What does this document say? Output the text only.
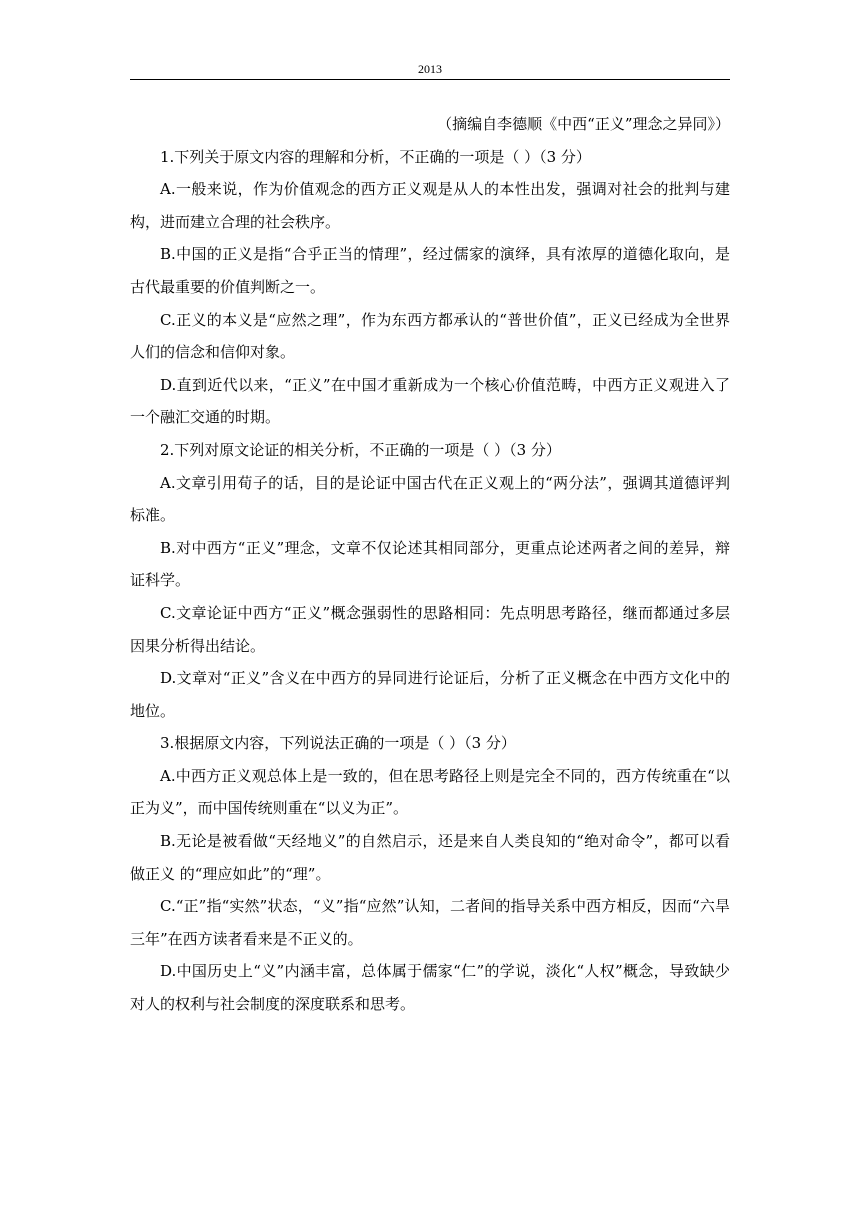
2013

（摘编自李德顺《中西“正义”理念之异同》）

1.下列关于原文内容的理解和分析，不正确的一项是（ ）（3 分）

A.一般来说，作为价值观念的西方正义观是从人的本性出发，强调对社会的批判与建构，进而建立合理的社会秩序。

B.中国的正义是指“合乎正当的情理”，经过儒家的演绎，具有浓厚的道德化取向，是古代最重要的价值判断之一。

C.正义的本义是“应然之理”，作为东西方都承认的“普世价值”，正义已经成为全世界人们的信念和信仰对象。

D.直到近代以来，“正义”在中国才重新成为一个核心价值范畴，中西方正义观进入了一个融汇交通的时期。

2.下列对原文论证的相关分析，不正确的一项是（ ）（3 分）

A.文章引用荀子的话，目的是论证中国古代在正义观上的“两分法”，强调其道德评判标准。

B.对中西方“正义”理念，文章不仅论述其相同部分，更重点论述两者之间的差异，辩证科学。

C.文章论证中西方“正义”概念强弱性的思路相同：先点明思考路径，继而都通过多层因果分析得出结论。

D.文章对“正义”含义在中西方的异同进行论证后，分析了正义概念在中西方文化中的地位。

3.根据原文内容，下列说法正确的一项是（ ）（3 分）

A.中西方正义观总体上是一致的，但在思考路径上则是完全不同的，西方传统重在“以正为义”，而中国传统则重在“以义为正”。

B.无论是被看做“天经地义”的自然启示，还是来自人类良知的“绝对命令”，都可以看做正义 的“理应如此”的“理”。

C.“正”指“实然”状态，“义”指“应然”认知，二者间的指导关系中西方相反，因而“六旱三年”在西方读者看来是不正义的。

D.中国历史上“义”内涵丰富，总体属于儒家“仁”的学说，淡化“人权”概念，导致缺少对人的权利与社会制度的深度联系和思考。
